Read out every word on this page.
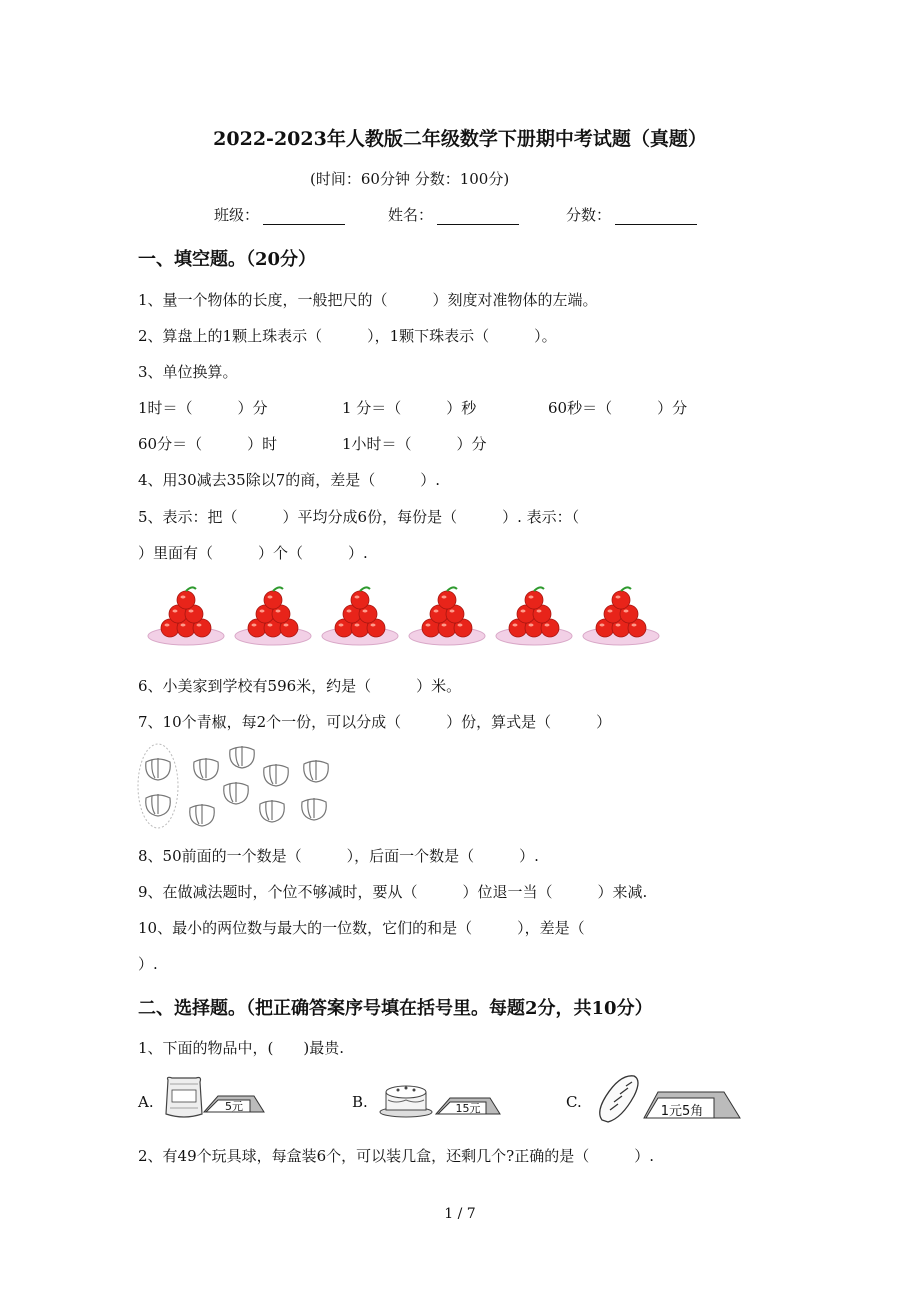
2022-2023年人教版二年级数学下册期中考试题（真题）
(时间：60分钟 分数：100分)
班级：	姓名：	分数：
一、填空题。（20分）
1、量一个物体的长度，一般把尺的（　　　）刻度对准物体的左端。
2、算盘上的1颗上珠表示（　　　），1颗下珠表示（　　　）。
3、单位换算。
1时＝（　　　）分	1 分＝（　　　）秒	60秒＝（　　　）分
60分＝（　　　）时	1小时＝（　　　）分
4、用30减去35除以7的商，差是（　　　）.
5、表示：把（　　　）平均分成6份，每份是（　　　）. 表示：（
）里面有（　　　）个（　　　）.
6、小美家到学校有596米，约是（　　　）米。
7、10个青椒，每2个一份，可以分成（　　　）份，算式是（　　　）
8、50前面的一个数是（　　　），后面一个数是（　　　）.
9、在做减法题时，个位不够减时，要从（　　　）位退一当（　　　）来减.
10、最小的两位数与最大的一位数，它们的和是（　　　），差是（
）.
二、选择题。（把正确答案序号填在括号里。每题2分，共10分）
1、下面的物品中，(　　)最贵.
A.	5元	B.	15元	C.
1元5角
2、有49个玩具球，每盒装6个，可以装几盒，还剩几个?正确的是（　　　）.
1 / 7
